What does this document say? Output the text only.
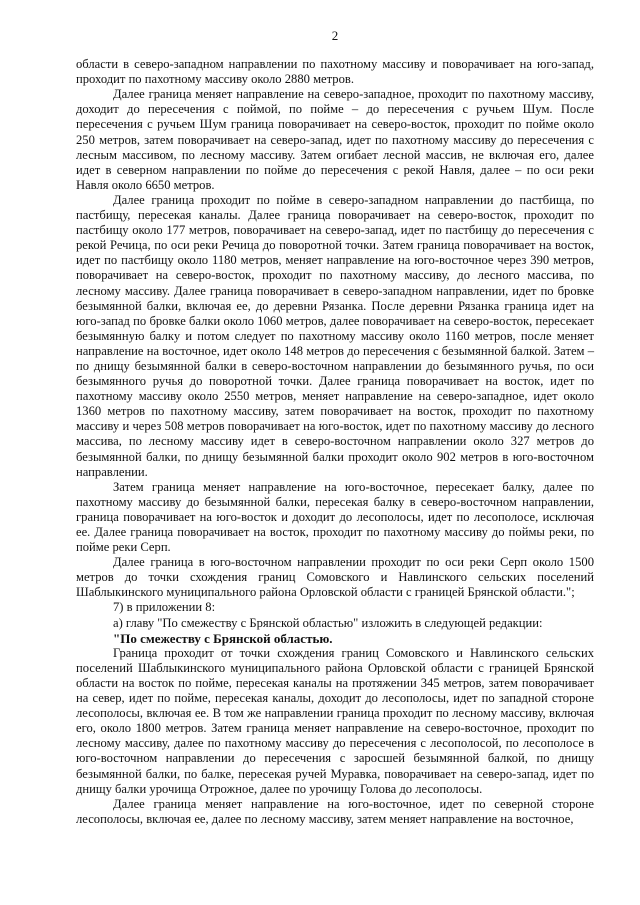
2

области в северо-западном направлении по пахотному массиву и поворачивает на юго-запад, проходит по пахотному массиву около 2880 метров.

Далее граница меняет направление на северо-западное, проходит по пахотному массиву, доходит до пересечения с поймой, по пойме – до пересечения с ручьем Шум. После пересечения с ручьем Шум граница поворачивает на северо-восток, проходит по пойме около 250 метров, затем поворачивает на северо-запад, идет по пахотному массиву до пересечения с лесным массивом, по лесному массиву. Затем огибает лесной массив, не включая его, далее идет в северном направлении по пойме до пересечения с рекой Навля, далее – по оси реки Навля около 6650 метров.

Далее граница проходит по пойме в северо-западном направлении до пастбища, по пастбищу, пересекая каналы. Далее граница поворачивает на северо-восток, проходит по пастбищу около 177 метров, поворачивает на северо-запад, идет по пастбищу до пересечения с рекой Речица, по оси реки Речица до поворотной точки. Затем граница поворачивает на восток, идет по пастбищу около 1180 метров, меняет направление на юго-восточное через 390 метров, поворачивает на северо-восток, проходит по пахотному массиву, до лесного массива, по лесному массиву. Далее граница поворачивает в северо-западном направлении, идет по бровке безымянной балки, включая ее, до деревни Рязанка. После деревни Рязанка граница идет на юго-запад по бровке балки около 1060 метров, далее поворачивает на северо-восток, пересекает безымянную балку и потом следует по пахотному массиву около 1160 метров, после меняет направление на восточное, идет около 148 метров до пересечения с безымянной балкой. Затем – по днищу безымянной балки в северо-восточном направлении до безымянного ручья, по оси безымянного ручья до поворотной точки. Далее граница поворачивает на восток, идет по пахотному массиву около 2550 метров, меняет направление на северо-западное, идет около 1360 метров по пахотному массиву, затем поворачивает на восток, проходит по пахотному массиву и через 508 метров поворачивает на юго-восток, идет по пахотному массиву до лесного массива, по лесному массиву идет в северо-восточном направлении около 327 метров до безымянной балки, по днищу безымянной балки проходит около 902 метров в юго-восточном направлении.

Затем граница меняет направление на юго-восточное, пересекает балку, далее по пахотному массиву до безымянной балки, пересекая балку в северо-восточном направлении, граница поворачивает на юго-восток и доходит до лесополосы, идет по лесополосе, исключая ее. Далее граница поворачивает на восток, проходит по пахотному массиву до поймы реки, по пойме реки Серп.

Далее граница в юго-восточном направлении проходит по оси реки Серп около 1500 метров до точки схождения границ Сомовского и Навлинского сельских поселений Шаблыкинского муниципального района Орловской области с границей Брянской области.";

7) в приложении 8:

а) главу "По смежеству с Брянской областью" изложить в следующей редакции:

"По смежеству с Брянской областью.

Граница проходит от точки схождения границ Сомовского и Навлинского сельских поселений Шаблыкинского муниципального района Орловской области с границей Брянской области на восток по пойме, пересекая каналы на протяжении 345 метров, затем поворачивает на север, идет по пойме, пересекая каналы, доходит до лесополосы, идет по западной стороне лесополосы, включая ее. В том же направлении граница проходит по лесному массиву, включая его, около 1800 метров. Затем граница меняет направление на северо-восточное, проходит по лесному массиву, далее по пахотному массиву до пересечения с лесополосой, по лесополосе в юго-восточном направлении до пересечения с заросшей безымянной балкой, по днищу безымянной балки, по балке, пересекая ручей Муравка, поворачивает на северо-запад, идет по днищу балки урочища Отрожное, далее по урочищу Голова до лесополосы.

Далее граница меняет направление на юго-восточное, идет по северной стороне лесополосы, включая ее, далее по лесному массиву, затем меняет направление на восточное,
